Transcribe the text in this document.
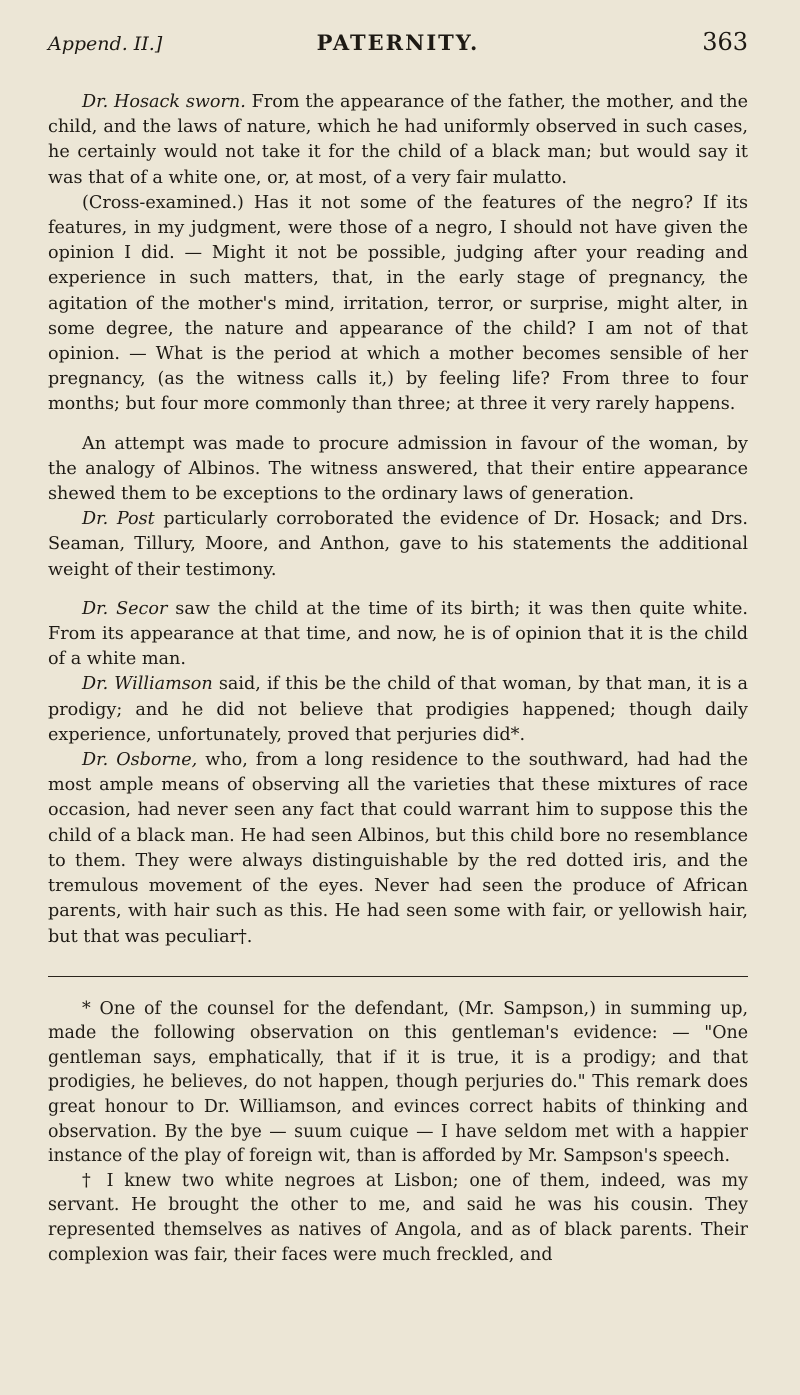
Append. II.]	PATERNITY.	363

Dr. Hosack sworn. From the appearance of the father, the mother, and the child, and the laws of nature, which he had uniformly observed in such cases, he certainly would not take it for the child of a black man; but would say it was that of a white one, or, at most, of a very fair mulatto.

(Cross-examined.) Has it not some of the features of the negro? If its features, in my judgment, were those of a negro, I should not have given the opinion I did. — Might it not be possible, judging after your reading and experience in such matters, that, in the early stage of pregnancy, the agitation of the mother's mind, irritation, terror, or surprise, might alter, in some degree, the nature and appearance of the child? I am not of that opinion. — What is the period at which a mother becomes sensible of her pregnancy, (as the witness calls it,) by feeling life? From three to four months; but four more commonly than three; at three it very rarely happens.

An attempt was made to procure admission in favour of the woman, by the analogy of Albinos. The witness answered, that their entire appearance shewed them to be exceptions to the ordinary laws of generation.

Dr. Post particularly corroborated the evidence of Dr. Hosack; and Drs. Seaman, Tillury, Moore, and Anthon, gave to his statements the additional weight of their testimony.

Dr. Secor saw the child at the time of its birth; it was then quite white. From its appearance at that time, and now, he is of opinion that it is the child of a white man.

Dr. Williamson said, if this be the child of that woman, by that man, it is a prodigy; and he did not believe that prodigies happened; though daily experience, unfortunately, proved that perjuries did*.

Dr. Osborne, who, from a long residence to the southward, had had the most ample means of observing all the varieties that these mixtures of race occasion, had never seen any fact that could warrant him to suppose this the child of a black man. He had seen Albinos, but this child bore no resemblance to them. They were always distinguishable by the red dotted iris, and the tremulous movement of the eyes. Never had seen the produce of African parents, with hair such as this. He had seen some with fair, or yellowish hair, but that was peculiar†.

* One of the counsel for the defendant, (Mr. Sampson,) in summing up, made the following observation on this gentleman's evidence: — "One gentleman says, emphatically, that if it is true, it is a prodigy; and that prodigies, he believes, do not happen, though perjuries do." This remark does great honour to Dr. Williamson, and evinces correct habits of thinking and observation. By the bye — suum cuique — I have seldom met with a happier instance of the play of foreign wit, than is afforded by Mr. Sampson's speech.

† I knew two white negroes at Lisbon; one of them, indeed, was my servant. He brought the other to me, and said he was his cousin. They represented themselves as natives of Angola, and as of black parents. Their complexion was fair, their faces were much freckled, and
